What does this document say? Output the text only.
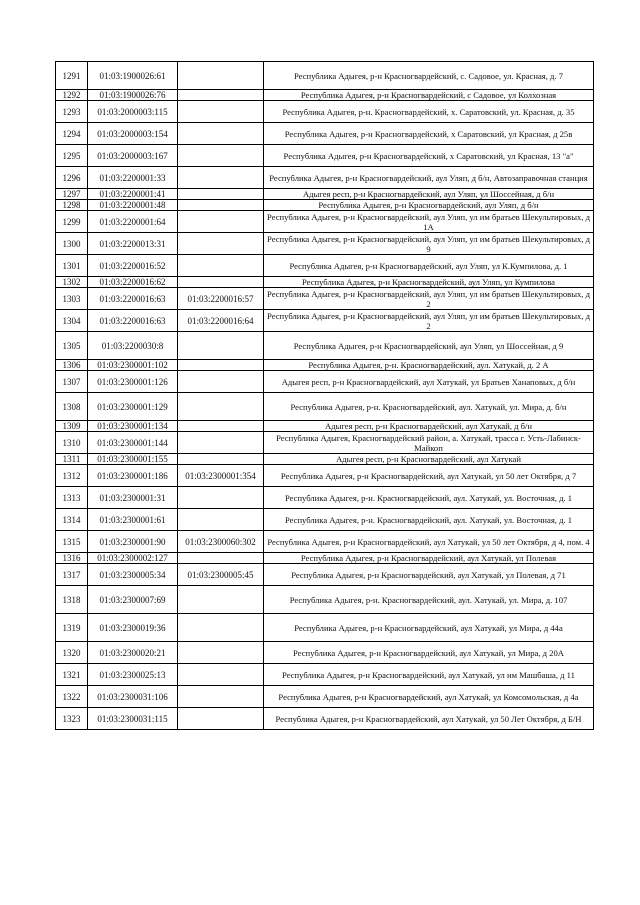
1291	01:03:1900026:61		Республика Адыгея, р-н Красногвардейский, с. Садовое, ул. Красная, д. 7
1292	01:03:1900026:76		Республика Адыгея, р-н Красногвардейский, с Садовое, ул Колхозная
1293	01:03:2000003:115		Республика Адыгея, р-н. Красногвардейский, х. Саратовский, ул. Красная, д. 35
1294	01:03:2000003:154		Республика Адыгея, р-н Красногвардейский, х Саратовский, ул Красная, д 25в
1295	01:03:2000003:167		Республика Адыгея, р-н Красногвардейский, х Саратовский, ул Красная, 13 "а"
1296	01:03:2200001:33		Республика Адыгея, р-н Красногвардейский, аул Уляп, д б/н, Автозаправочная станция
1297	01:03:2200001:41		Адыгея респ, р-н Красногвардейский, аул Уляп, ул Шоссейная, д б/н
1298	01:03:2200001:48		Республика Адыгея, р-н Красногвардейский, аул Уляп, д б/н
1299	01:03:2200001:64		Республика Адыгея, р-н Красногвардейский, аул Уляп, ул им братьев Шекультировых, д 1А
1300	01:03:2200013:31		Республика Адыгея, р-н Красногвардейский, аул Уляп, ул им братьев Шекультировых, д 9
1301	01:03:2200016:52		Республика Адыгея, р-н Красногвардейский, аул Уляп, ул К.Кумпилова, д. 1
1302	01:03:2200016:62		Республика Адыгея, р-н Красногвардейский, аул Уляп, ул Кумпилова
1303	01:03:2200016:63	01:03:2200016:57	Республика Адыгея, р-н Красногвардейский, аул Уляп, ул им братьев Шекультировых, д 2
1304	01:03:2200016:63	01:03:2200016:64	Республика Адыгея, р-н Красногвардейский, аул Уляп, ул им братьев Шекультировых, д 2
1305	01:03:2200030:8		Республика Адыгея, р-н Красногвардейский, аул Уляп, ул Шоссейная, д 9
1306	01:03:2300001:102		Республика Адыгея, р-н. Красногвардейский, аул. Хатукай, д. 2 А
1307	01:03:2300001:126		Адыгея респ, р-н Красногвардейский, аул Хатукай, ул Братьев Ханаповых, д б/н
1308	01:03:2300001:129		Республика Адыгея, р-н. Красногвардейский, аул. Хатукай, ул. Мира, д. б/н
1309	01:03:2300001:134		Адыгея респ, р-н Красногвардейский, аул Хатукай, д б/н
1310	01:03:2300001:144		Республика Адыгея, Красногвардейский район, а. Хатукай, трасса г. Усть-Лабинск-Майкоп
1311	01:03:2300001:155		Адыгея респ, р-н Красногвардейский, аул Хатукай
1312	01:03:2300001:186	01:03:2300001:354	Республика Адыгея, р-н Красногвардейский, аул Хатукай, ул 50 лет Октября, д 7
1313	01:03:2300001:31		Республика Адыгея, р-н. Красногвардейский, аул. Хатукай, ул. Восточная, д. 1
1314	01:03:2300001:61		Республика Адыгея, р-н. Красногвардейский, аул. Хатукай, ул. Восточная, д. 1
1315	01:03:2300001:90	01:03:2300060:302	Республика Адыгея, р-н Красногвардейский, аул Хатукай, ул 50 лет Октября, д 4, пом. 4
1316	01:03:2300002:127		Республика Адыгея, р-н Красногвардейский, аул Хатукай, ул Полевая
1317	01:03:2300005:34	01:03:2300005:45	Республика Адыгея, р-н Красногвардейский, аул Хатукай, ул Полевая, д 71
1318	01:03:2300007:69		Республика Адыгея, р-н. Красногвардейский, аул. Хатукай, ул. Мира, д. 107
1319	01:03:2300019:36		Республика Адыгея, р-н Красногвардейский, аул Хатукай, ул Мира, д 44а
1320	01:03:2300020:21		Республика Адыгея, р-н Красногвардейский, аул Хатукай, ул Мира, д 20А
1321	01:03:2300025:13		Республика Адыгея, р-н Красногвардейский, аул Хатукай, ул им Машбаша, д 11
1322	01:03:2300031:106		Республика Адыгея, р-н Красногвардейский, аул Хатукай, ул Комсомольская, д 4а
1323	01:03:2300031:115		Республика Адыгея, р-н Красногвардейский, аул Хатукай, ул 50 Лет Октября, д Б/Н
